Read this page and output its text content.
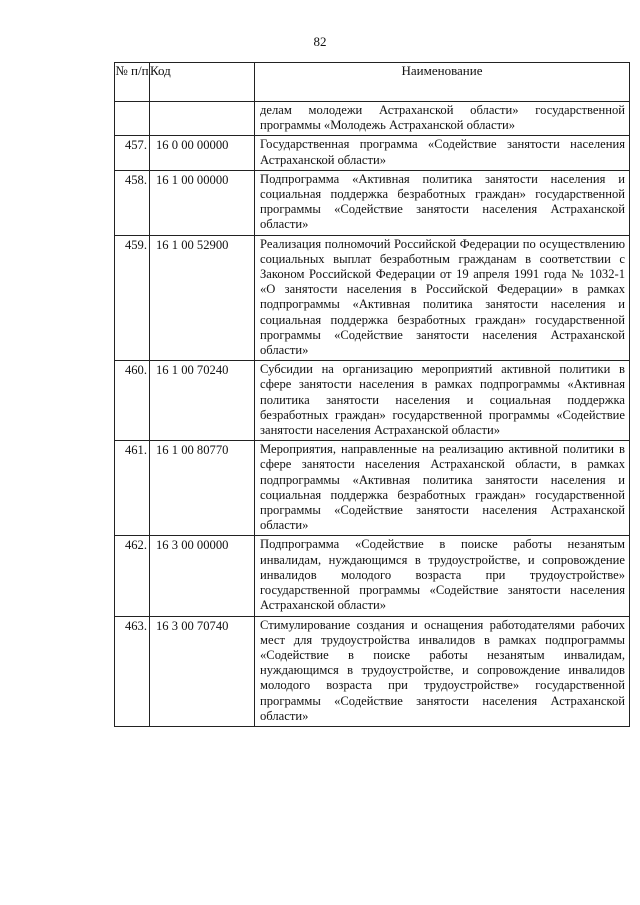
82
№ п/п	Код	Наименование
		делам молодежи Астраханской области» государственной программы «Молодежь Астраханской области»
457.	16 0 00 00000	Государственная программа «Содействие занятости населения Астраханской области»
458.	16 1 00 00000	Подпрограмма «Активная политика занятости населения и социальная поддержка безработных граждан» государственной программы «Содействие занятости населения Астраханской области»
459.	16 1 00 52900	Реализация полномочий Российской Федерации по осуществлению социальных выплат безработным гражданам в соответствии с Законом Российской Федерации от 19 апреля 1991 года № 1032-1 «О занятости населения в Российской Федерации» в рамках подпрограммы «Активная политика занятости населения и социальная поддержка безработных граждан» государственной программы «Содействие занятости населения Астраханской области»
460.	16 1 00 70240	Субсидии на организацию мероприятий активной политики в сфере занятости населения в рамках подпрограммы «Активная политика занятости населения и социальная поддержка безработных граждан» государственной программы «Содействие занятости населения Астраханской области»
461.	16 1 00 80770	Мероприятия, направленные на реализацию активной политики в сфере занятости населения Астраханской области, в рамках подпрограммы «Активная политика занятости населения и социальная поддержка безработных граждан» государственной программы «Содействие занятости населения Астраханской области»
462.	16 3 00 00000	Подпрограмма «Содействие в поиске работы незанятым инвалидам, нуждающимся в трудоустройстве, и сопровождение инвалидов молодого возраста при трудоустройстве» государственной программы «Содействие занятости населения Астраханской области»
463.	16 3 00 70740	Стимулирование создания и оснащения работодателями рабочих мест для трудоустройства инвалидов в рамках подпрограммы «Содействие в поиске работы незанятым инвалидам, нуждающимся в трудоустройстве, и сопровождение инвалидов молодого возраста при трудоустройстве» государственной программы «Содействие занятости населения Астраханской области»
